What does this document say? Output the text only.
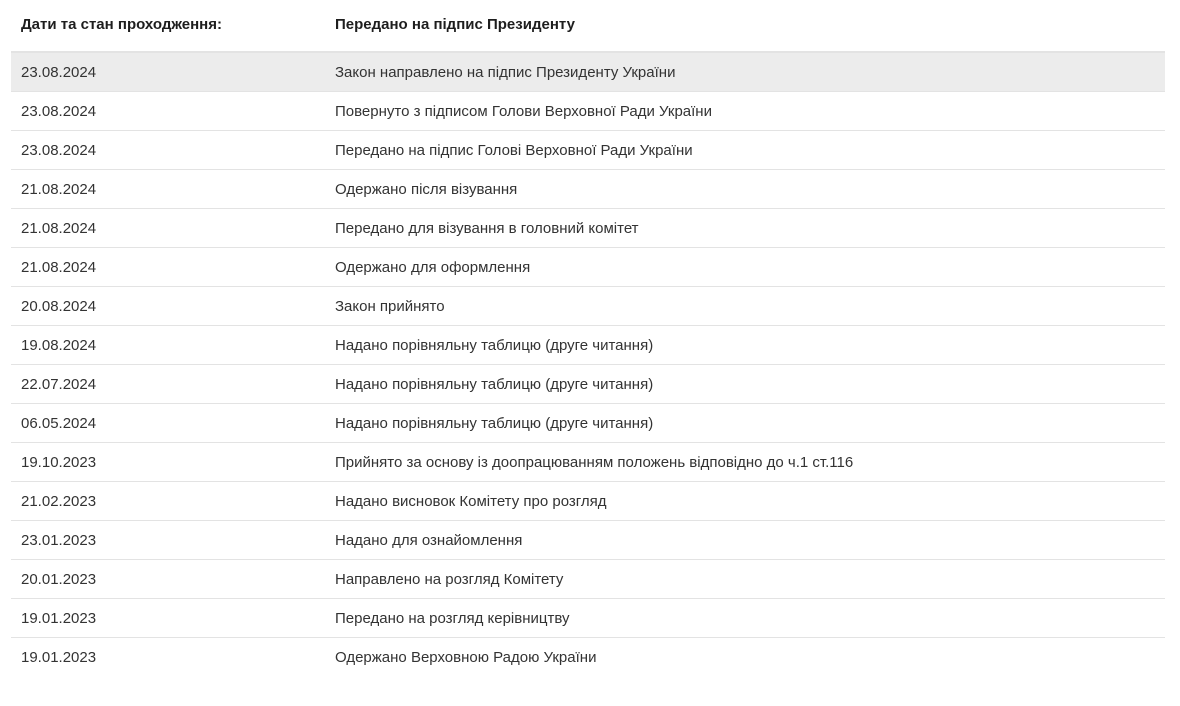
Дати та стан проходження:	Передано на підпис Президенту
23.08.2024	Закон направлено на підпис Президенту України
23.08.2024	Повернуто з підписом Голови Верховної Ради України
23.08.2024	Передано на підпис Голові Верховної Ради України
21.08.2024	Одержано після візування
21.08.2024	Передано для візування в головний комітет
21.08.2024	Одержано для оформлення
20.08.2024	Закон прийнято
19.08.2024	Надано порівняльну таблицю (друге читання)
22.07.2024	Надано порівняльну таблицю (друге читання)
06.05.2024	Надано порівняльну таблицю (друге читання)
19.10.2023	Прийнято за основу із доопрацюванням положень відповідно до ч.1 ст.116
21.02.2023	Надано висновок Комітету про розгляд
23.01.2023	Надано для ознайомлення
20.01.2023	Направлено на розгляд Комітету
19.01.2023	Передано на розгляд керівництву
19.01.2023	Одержано Верховною Радою України
